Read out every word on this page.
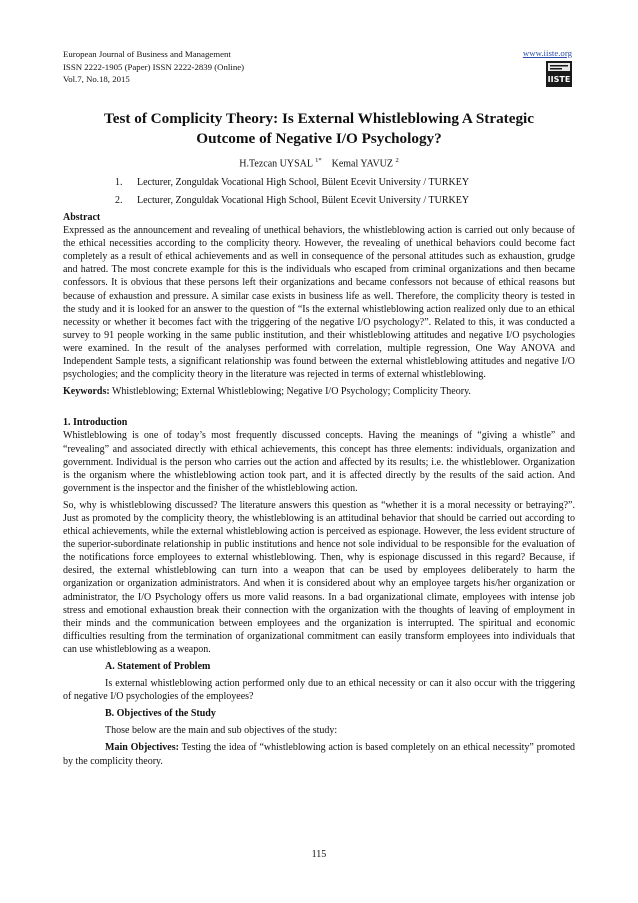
European Journal of Business and Management
ISSN 2222-1905 (Paper) ISSN 2222-2839 (Online)
Vol.7, No.18, 2015
www.iiste.org
IISTE
Test of Complicity Theory: Is External Whistleblowing A Strategic
Outcome of Negative I/O Psychology?
H.Tezcan UYSAL $^{1*}$ Kemal YAVUZ $^2$
1. Lecturer, Zonguldak Vocational High School, Bülent Ecevit University / TURKEY
2. Lecturer, Zonguldak Vocational High School, Bülent Ecevit University / TURKEY
Abstract

Expressed as the announcement and revealing of unethical behaviors, the whistleblowing action is carried out only because of the ethical necessities according to the complicity theory. However, the revealing of unethical behaviors could become fact completely as a result of ethical achievements and as well in consequence of the personal attitudes such as exhaustion, grudge and hatred. The most concrete example for this is the individuals who escaped from criminal organizations and then became confessors. It is obvious that these persons left their organizations and became confessors not because of ethical reasons but because of exhaustion and pressure. A similar case exists in business life as well. Therefore, the complicity theory is tested in the study and it is looked for an answer to the question of “Is the external whistleblowing action realized only due to an ethical necessity or whether it becomes fact with the triggering of the negative I/O psychology?”. Related to this, it was conducted a survey to 91 people working in the same public institution, and their whistleblowing attitudes and negative I/O psychologies were examined. In the result of the analyses performed with correlation, multiple regression, One Way ANOVA and Independent Sample tests, a significant relationship was found between the external whistleblowing attitudes and negative I/O psychologies; and the complicity theory in the literature was rejected in terms of external whistleblowing.

Keywords: Whistleblowing; External Whistleblowing; Negative I/O Psychology; Complicity Theory.

1. Introduction

Whistleblowing is one of today’s most frequently discussed concepts. Having the meanings of “giving a whistle” and “revealing” and associated directly with ethical achievements, this concept has three elements: individuals, organization and government. Individual is the person who carries out the action and affected by its results; i.e. the whistleblower. Organization is the organism where the whistleblowing action took part, and it is affected directly by the results of the said action. And government is the inspector and the finisher of the whistleblowing action.

So, why is whistleblowing discussed? The literature answers this question as “whether it is a moral necessity or betraying?”. Just as promoted by the complicity theory, the whistleblowing is an attitudinal behavior that should be carried out according to ethical achievements, while the external whistleblowing action is perceived as espionage. However, the less evident structure of the superior-subordinate relationship in public institutions and hence not sole individual to be responsible for the evaluation of the notifications force employees to external whistleblowing. Then, why is espionage discussed in this regard? Because, if desired, the external whistleblowing can turn into a weapon that can be used by employees deliberately to harm the organization or organization administrators. And when it is considered about why an employee targets his/her organization or administrator, the I/O Psychology offers us more valid reasons. In a bad organizational climate, employees with intense job stress and emotional exhaustion break their connection with the organization with the thoughts of leaving of employment in their minds and the communication between employees and the organization is interrupted. The spiritual and economic difficulties resulting from the termination of organizational commitment can easily transform employees into individuals that can use whistleblowing as a weapon.

A. Statement of Problem

Is external whistleblowing action performed only due to an ethical necessity or can it also occur with the triggering of negative I/O psychologies of the employees?

B. Objectives of the Study

Those below are the main and sub objectives of the study:

Main Objectives: Testing the idea of “whistleblowing action is based completely on an ethical necessity” promoted by the complicity theory.

115
